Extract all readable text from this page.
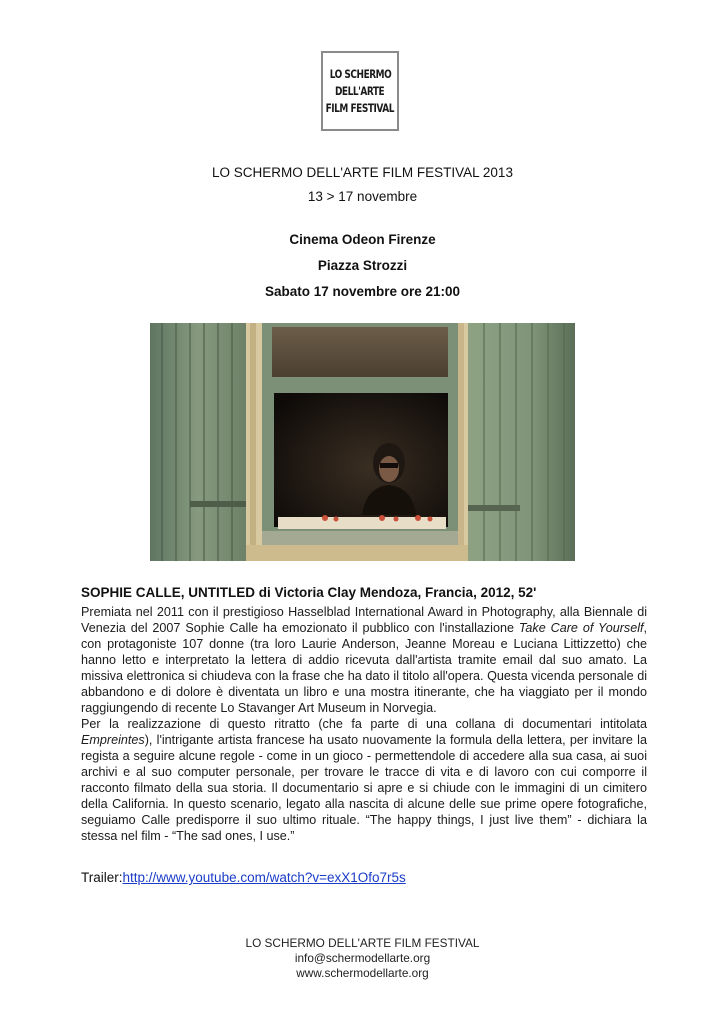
LO SCHERMO
DELL'ARTE
FILM FESTIVAL
LO SCHERMO DELL'ARTE FILM FESTIVAL 2013
13 > 17 novembre
Cinema Odeon Firenze
Piazza Strozzi
Sabato 17 novembre ore 21:00
SOPHIE CALLE, UNTITLED di Victoria Clay Mendoza, Francia, 2012, 52'

Premiata nel 2011 con il prestigioso Hasselblad International Award in Photography, alla Biennale di Venezia del 2007 Sophie Calle ha emozionato il pubblico con l'installazione Take Care of Yourself, con protagoniste 107 donne (tra loro Laurie Anderson, Jeanne Moreau e Luciana Littizzetto) che hanno letto e interpretato la lettera di addio ricevuta dall'artista tramite email dal suo amato. La missiva elettronica si chiudeva con la frase che ha dato il titolo all'opera. Questa vicenda personale di abbandono e di dolore è diventata un libro e una mostra itinerante, che ha viaggiato per il mondo raggiungendo di recente Lo Stavanger Art Museum in Norvegia.

Per la realizzazione di questo ritratto (che fa parte di una collana di documentari intitolata Empreintes), l'intrigante artista francese ha usato nuovamente la formula della lettera, per invitare la regista a seguire alcune regole - come in un gioco - permettendole di accedere alla sua casa, ai suoi archivi e al suo computer personale, per trovare le tracce di vita e di lavoro con cui comporre il racconto filmato della sua storia. Il documentario si apre e si chiude con le immagini di un cimitero della California. In questo scenario, legato alla nascita di alcune delle sue prime opere fotografiche, seguiamo Calle predisporre il suo ultimo rituale. “The happy things, I just live them” - dichiara la stessa nel film - “The sad ones, I use.”

Trailer:http://www.youtube.com/watch?v=exX1Ofo7r5s
LO SCHERMO DELL'ARTE FILM FESTIVAL
info@schermodellarte.org
www.schermodellarte.org
